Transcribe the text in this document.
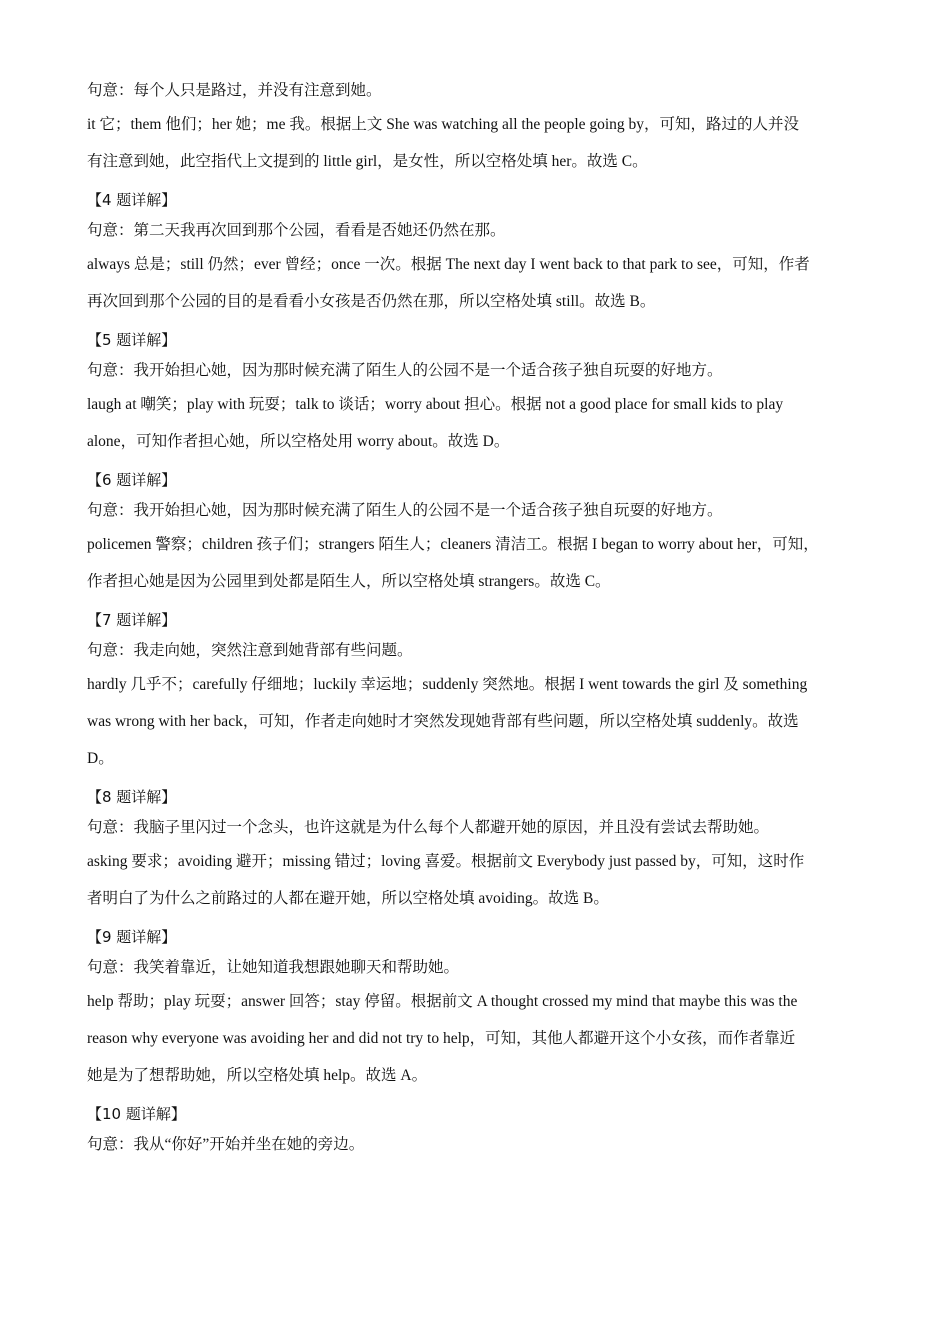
句意：每个人只是路过，并没有注意到她。
it 它；them 他们；her 她；me 我。根据上文 She was watching all the people going by，可知，路过的人并没
有注意到她，此空指代上文提到的 little girl，是女性，所以空格处填 her。故选 C。
【4 题详解】
句意：第二天我再次回到那个公园，看看是否她还仍然在那。
always 总是；still 仍然；ever 曾经；once 一次。根据 The next day I went back to that park to see，可知，作者
再次回到那个公园的目的是看看小女孩是否仍然在那，所以空格处填 still。故选 B。
【5 题详解】
句意：我开始担心她，因为那时候充满了陌生人的公园不是一个适合孩子独自玩耍的好地方。
laugh at 嘲笑；play with 玩耍；talk to 谈话；worry about 担心。根据 not a good place for small kids to play
alone，可知作者担心她，所以空格处用 worry about。故选 D。
【6 题详解】
句意：我开始担心她，因为那时候充满了陌生人的公园不是一个适合孩子独自玩耍的好地方。
policemen 警察；children 孩子们；strangers 陌生人；cleaners 清洁工。根据 I began to worry about her，可知，
作者担心她是因为公园里到处都是陌生人，所以空格处填 strangers。故选 C。
【7 题详解】
句意：我走向她，突然注意到她背部有些问题。
hardly 几乎不；carefully 仔细地；luckily 幸运地；suddenly 突然地。根据 I went towards the girl 及 something
was wrong with her back，可知，作者走向她时才突然发现她背部有些问题，所以空格处填 suddenly。故选
D。
【8 题详解】
句意：我脑子里闪过一个念头，也许这就是为什么每个人都避开她的原因，并且没有尝试去帮助她。
asking 要求；avoiding 避开；missing 错过；loving 喜爱。根据前文 Everybody just passed by，可知，这时作
者明白了为什么之前路过的人都在避开她，所以空格处填 avoiding。故选 B。
【9 题详解】
句意：我笑着靠近，让她知道我想跟她聊天和帮助她。
help 帮助；play 玩耍；answer 回答；stay 停留。根据前文 A thought crossed my mind that maybe this was the
reason why everyone was avoiding her and did not try to help，可知，其他人都避开这个小女孩，而作者靠近
她是为了想帮助她，所以空格处填 help。故选 A。
【10 题详解】
句意：我从“你好”开始并坐在她的旁边。
